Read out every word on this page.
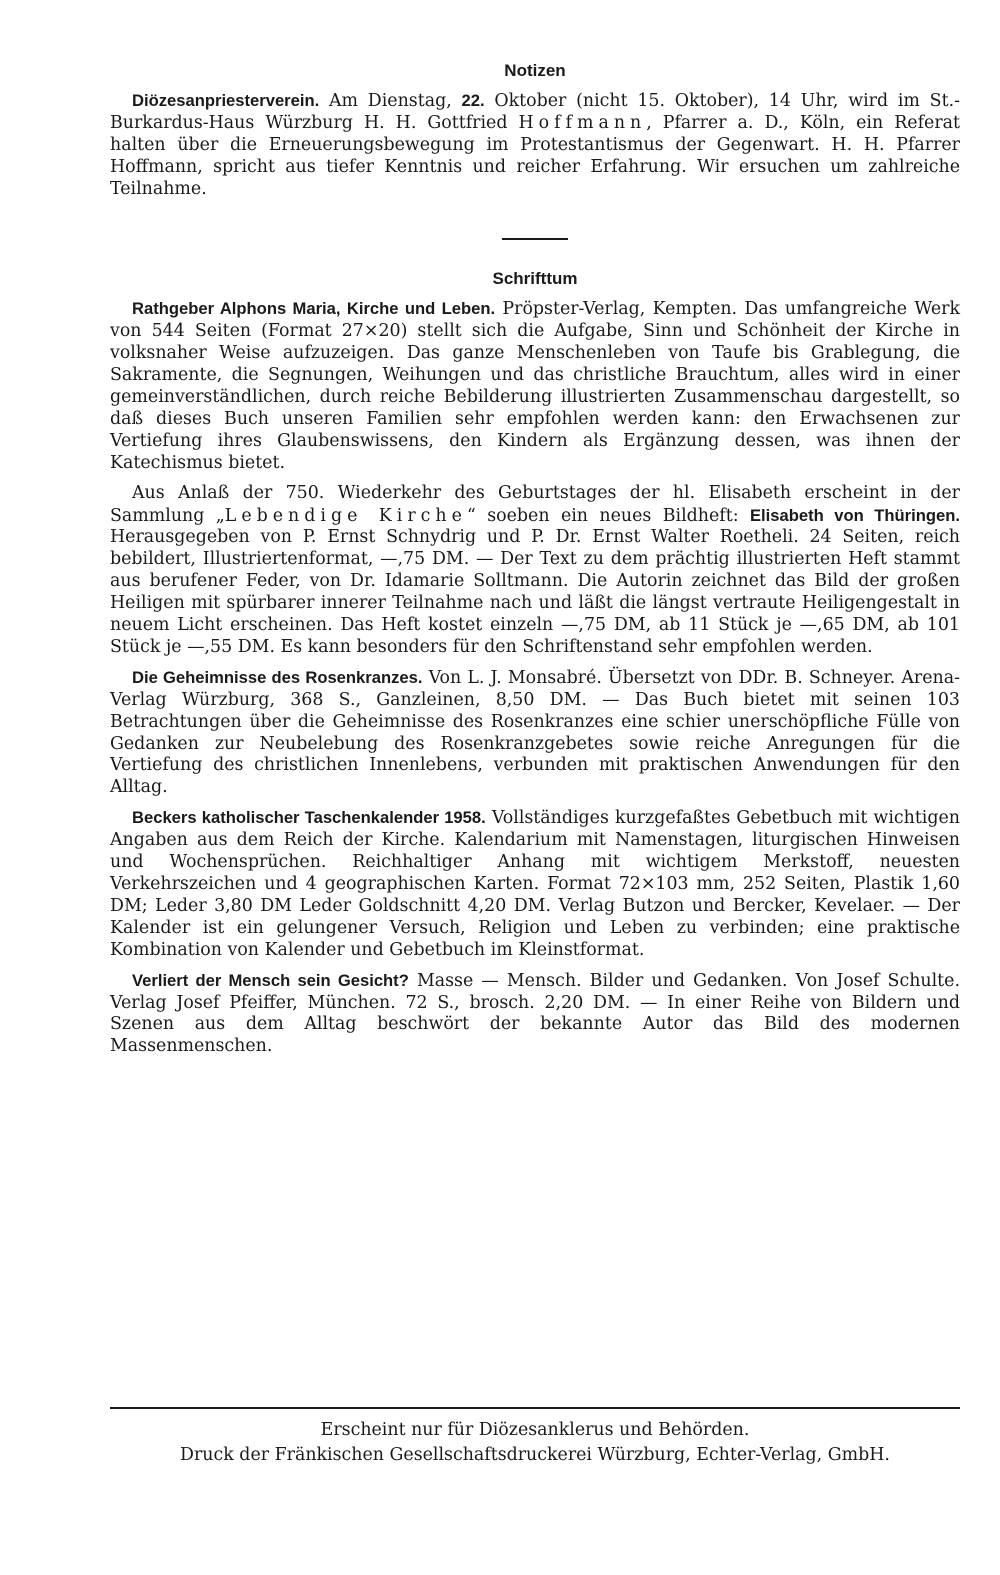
Notizen

Diözesanpriesterverein. Am Dienstag, 22. Oktober (nicht 15. Oktober), 14 Uhr, wird im St.-Burkardus-Haus Würzburg H. H. Gottfried Hoffmann, Pfarrer a. D., Köln, ein Referat halten über die Erneuerungsbewegung im Protestantismus der Gegenwart. H. H. Pfarrer Hoffmann, spricht aus tiefer Kenntnis und reicher Erfahrung. Wir ersuchen um zahlreiche Teilnahme.

Schrifttum

Rathgeber Alphons Maria, Kirche und Leben. Pröpster-Verlag, Kempten. Das umfangreiche Werk von 544 Seiten (Format 27×20) stellt sich die Aufgabe, Sinn und Schönheit der Kirche in volksnaher Weise aufzuzeigen. Das ganze Menschenleben von Taufe bis Grablegung, die Sakramente, die Segnungen, Weihungen und das christliche Brauchtum, alles wird in einer gemeinverständlichen, durch reiche Bebilderung illustrierten Zusammenschau dargestellt, so daß dieses Buch unseren Familien sehr empfohlen werden kann: den Erwachsenen zur Vertiefung ihres Glaubenswissens, den Kindern als Ergänzung dessen, was ihnen der Katechismus bietet.

Aus Anlaß der 750. Wiederkehr des Geburtstages der hl. Elisabeth erscheint in der Sammlung „Lebendige Kirche“ soeben ein neues Bildheft: Elisabeth von Thüringen. Herausgegeben von P. Ernst Schnydrig und P. Dr. Ernst Walter Roetheli. 24 Seiten, reich bebildert, Illustriertenformat, —,75 DM. — Der Text zu dem prächtig illustrierten Heft stammt aus berufener Feder, von Dr. Idamarie Solltmann. Die Autorin zeichnet das Bild der großen Heiligen mit spürbarer innerer Teilnahme nach und läßt die längst vertraute Heiligengestalt in neuem Licht erscheinen. Das Heft kostet einzeln —,75 DM, ab 11 Stück je —,65 DM, ab 101 Stück je —,55 DM. Es kann besonders für den Schriftenstand sehr empfohlen werden.

Die Geheimnisse des Rosenkranzes. Von L. J. Monsabré. Übersetzt von DDr. B. Schneyer. Arena-Verlag Würzburg, 368 S., Ganzleinen, 8,50 DM. — Das Buch bietet mit seinen 103 Betrachtungen über die Geheimnisse des Rosenkranzes eine schier unerschöpfliche Fülle von Gedanken zur Neubelebung des Rosenkranzgebetes sowie reiche Anregungen für die Vertiefung des christlichen Innenlebens, verbunden mit praktischen Anwendungen für den Alltag.

Beckers katholischer Taschenkalender 1958. Vollständiges kurzgefaßtes Gebetbuch mit wichtigen Angaben aus dem Reich der Kirche. Kalendarium mit Namenstagen, liturgischen Hinweisen und Wochensprüchen. Reichhaltiger Anhang mit wichtigem Merkstoff, neuesten Verkehrszeichen und 4 geographischen Karten. Format 72×103 mm, 252 Seiten, Plastik 1,60 DM; Leder 3,80 DM Leder Goldschnitt 4,20 DM. Verlag Butzon und Bercker, Kevelaer. — Der Kalender ist ein gelungener Versuch, Religion und Leben zu verbinden; eine praktische Kombination von Kalender und Gebetbuch im Kleinstformat.

Verliert der Mensch sein Gesicht? Masse — Mensch. Bilder und Gedanken. Von Josef Schulte. Verlag Josef Pfeiffer, München. 72 S., brosch. 2,20 DM. — In einer Reihe von Bildern und Szenen aus dem Alltag beschwört der bekannte Autor das Bild des modernen Massenmenschen.

Erscheint nur für Diözesanklerus und Behörden.
Druck der Fränkischen Gesellschaftsdruckerei Würzburg, Echter-Verlag, GmbH.
